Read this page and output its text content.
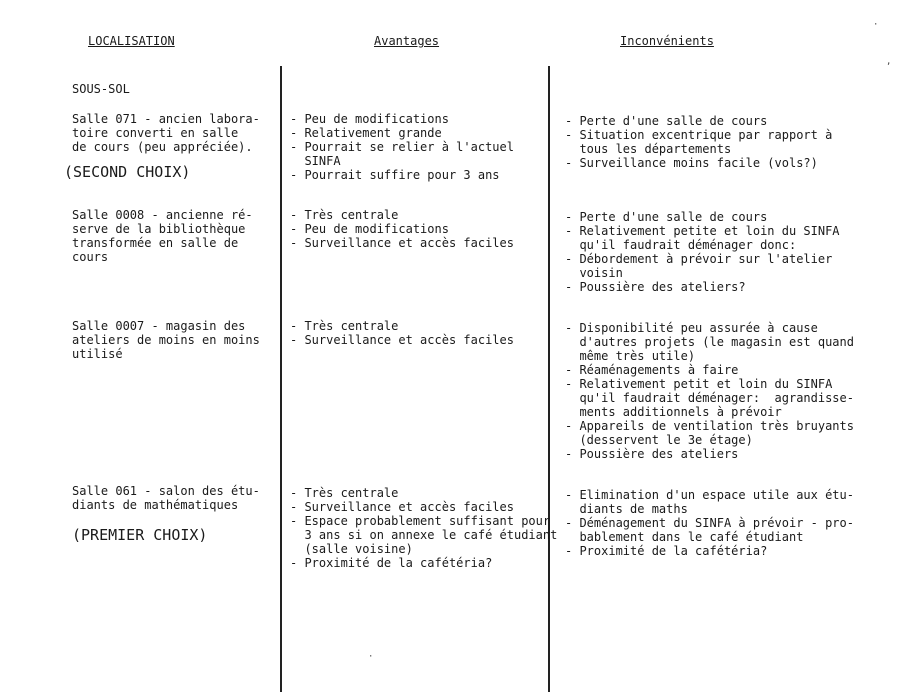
LOCALISATION	Avantages	Inconvénients
SOUS-SOL
Salle 071 - ancien labora-
toire converti en salle
de cours (peu appréciée).
(SECOND CHOIX)
- Peu de modifications
- Relativement grande
- Pourrait se relier à l'actuel
SINFA
- Pourrait suffire pour 3 ans
- Perte d'une salle de cours
- Situation excentrique par rapport à
tous les départements
- Surveillance moins facile (vols?)
Salle 0008 - ancienne ré-
serve de la bibliothèque
transformée en salle de
cours
- Très centrale
- Peu de modifications
- Surveillance et accès faciles
- Perte d'une salle de cours
- Relativement petite et loin du SINFA
qu'il faudrait déménager donc:
- Débordement à prévoir sur l'atelier
voisin
- Poussière des ateliers?
Salle 0007 - magasin des
ateliers de moins en moins
utilisé
- Très centrale
- Surveillance et accès faciles
- Disponibilité peu assurée à cause
d'autres projets (le magasin est quand
même très utile)
- Réaménagements à faire
- Relativement petit et loin du SINFA
qu'il faudrait déménager:  agrandisse-
ments additionnels à prévoir
- Appareils de ventilation très bruyants
(desservent le 3e étage)
- Poussière des ateliers
Salle 061 - salon des étu-
diants de mathématiques
(PREMIER CHOIX)
- Très centrale
- Surveillance et accès faciles
- Espace probablement suffisant pour
3 ans si on annexe le café étudiant
(salle voisine)
- Proximité de la cafétéria?
- Elimination d'un espace utile aux étu-
diants de maths
- Déménagement du SINFA à prévoir - pro-
bablement dans le café étudiant
- Proximité de la cafétéria?
·
,
·
